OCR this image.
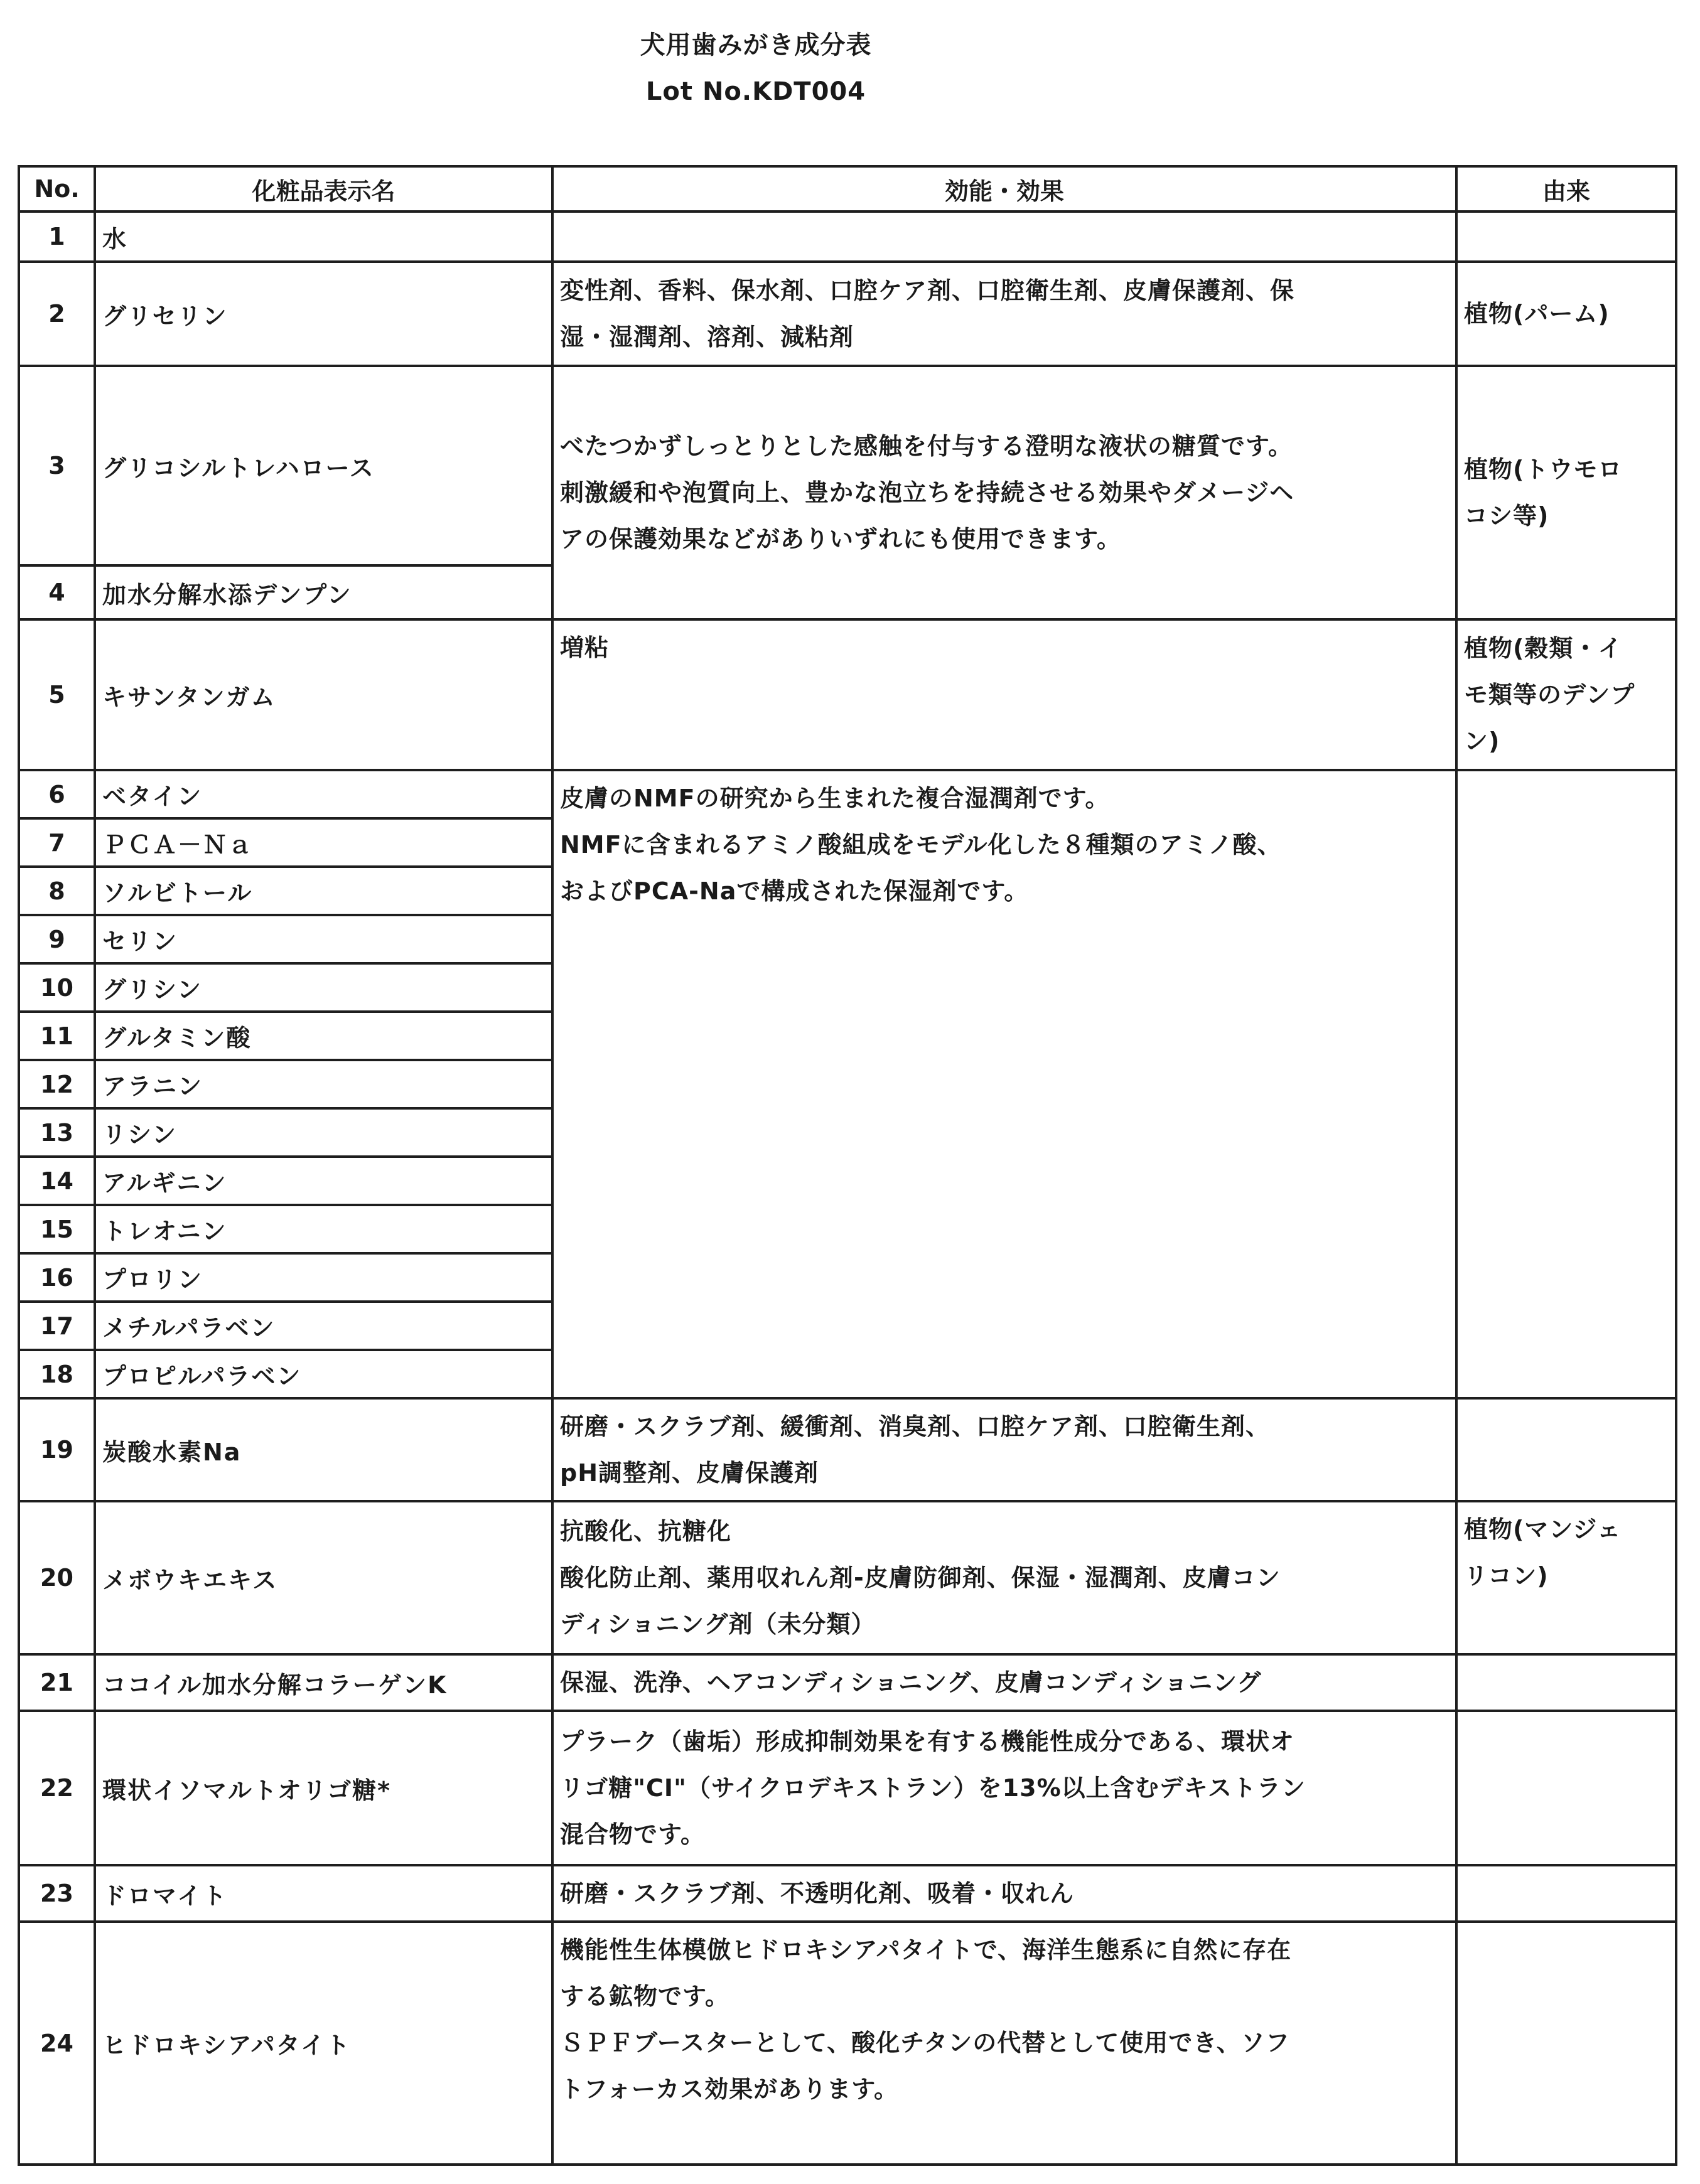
犬用歯みがき成分表
Lot No.KDT004
No.	化粧品表示名	効能・効果	由来
1	水		
2	グリセリン	変性剤、香料、保水剤、口腔ケア剤、口腔衛生剤、皮膚保護剤、保
湿・湿潤剤、溶剤、減粘剤	植物(パーム)

3	グリコシルトレハロース	べたつかずしっとりとした感触を付与する澄明な液状の糖質です。
刺激緩和や泡質向上、豊かな泡立ちを持続させる効果やダメージヘ
アの保護効果などがありいずれにも使用できます。	植物(トウモロ
コシ等)

4	加水分解水添デンプン		
5	キサンタンガム	増粘	植物(穀類・イ
モ類等のデンプ
ン)

6	ベタイン	皮膚のNMFの研究から生まれた複合湿潤剤です。
NMFに含まれるアミノ酸組成をモデル化した８種類のアミノ酸、
およびPCA-Naで構成された保湿剤です。	

7	ＰＣＡ－Ｎａ		
8	ソルビトール		
9	セリン		
10	グリシン		
11	グルタミン酸		
12	アラニン		
13	リシン		
14	アルギニン		
15	トレオニン		
16	プロリン		
17	メチルパラベン		
18	プロピルパラベン		
19	炭酸水素Na	研磨・スクラブ剤、緩衝剤、消臭剤、口腔ケア剤、口腔衛生剤、
pH調整剤、皮膚保護剤	

20	メボウキエキス	抗酸化、抗糖化
酸化防止剤、薬用収れん剤-皮膚防御剤、保湿・湿潤剤、皮膚コン
ディショニング剤（未分類）	植物(マンジェ
リコン)

21	ココイル加水分解コラーゲンK	保湿、洗浄、ヘアコンディショニング、皮膚コンディショニング	

22	環状イソマルトオリゴ糖*	プラーク（歯垢）形成抑制効果を有する機能性成分である、環状オ
リゴ糖"CI"（サイクロデキストラン）を13%以上含むデキストラン
混合物です。	

23	ドロマイト	研磨・スクラブ剤、不透明化剤、吸着・収れん	

24	ヒドロキシアパタイト	機能性生体模倣ヒドロキシアパタイトで、海洋生態系に自然に存在
する鉱物です。
ＳＰＦブースターとして、酸化チタンの代替として使用でき、ソフ
トフォーカス効果があります。	
